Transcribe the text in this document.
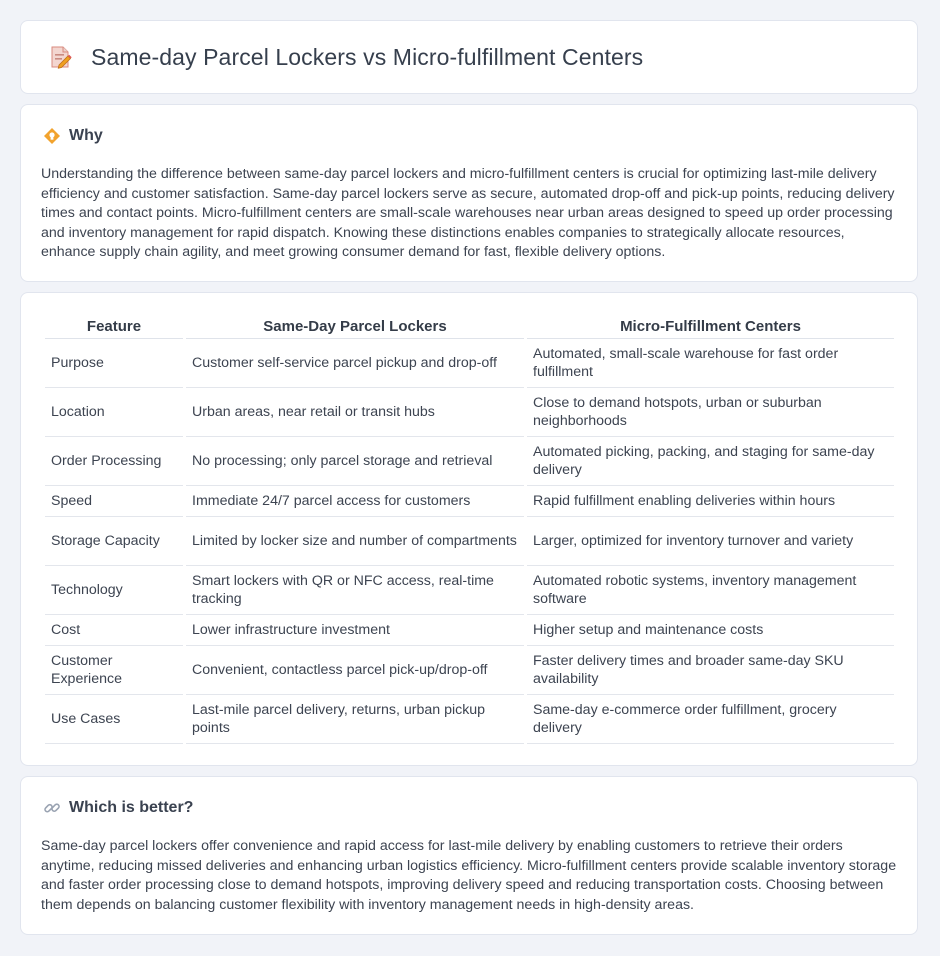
Same-day Parcel Lockers vs Micro-fulfillment Centers
Why

Understanding the difference between same-day parcel lockers and micro-fulfillment centers is crucial for optimizing last-mile delivery efficiency and customer satisfaction. Same-day parcel lockers serve as secure, automated drop-off and pick-up points, reducing delivery times and contact points. Micro-fulfillment centers are small-scale warehouses near urban areas designed to speed up order processing and inventory management for rapid dispatch. Knowing these distinctions enables companies to strategically allocate resources, enhance supply chain agility, and meet growing consumer demand for fast, flexible delivery options.

Feature	Same-Day Parcel Lockers	Micro-Fulfillment Centers
Purpose	Customer self-service parcel pickup and drop-off	Automated, small-scale warehouse for fast order fulfillment
Location	Urban areas, near retail or transit hubs	Close to demand hotspots, urban or suburban neighborhoods
Order Processing	No processing; only parcel storage and retrieval	Automated picking, packing, and staging for same-day delivery
Speed	Immediate 24/7 parcel access for customers	Rapid fulfillment enabling deliveries within hours
Storage Capacity	Limited by locker size and number of compartments	Larger, optimized for inventory turnover and variety
Technology	Smart lockers with QR or NFC access, real-time tracking	Automated robotic systems, inventory management software
Cost	Lower infrastructure investment	Higher setup and maintenance costs
Customer Experience	Convenient, contactless parcel pick-up/drop-off	Faster delivery times and broader same-day SKU availability
Use Cases	Last-mile parcel delivery, returns, urban pickup points	Same-day e-commerce order fulfillment, grocery delivery
Which is better?

Same-day parcel lockers offer convenience and rapid access for last-mile delivery by enabling customers to retrieve their orders anytime, reducing missed deliveries and enhancing urban logistics efficiency. Micro-fulfillment centers provide scalable inventory storage and faster order processing close to demand hotspots, improving delivery speed and reducing transportation costs. Choosing between them depends on balancing customer flexibility with inventory management needs in high-density areas.
